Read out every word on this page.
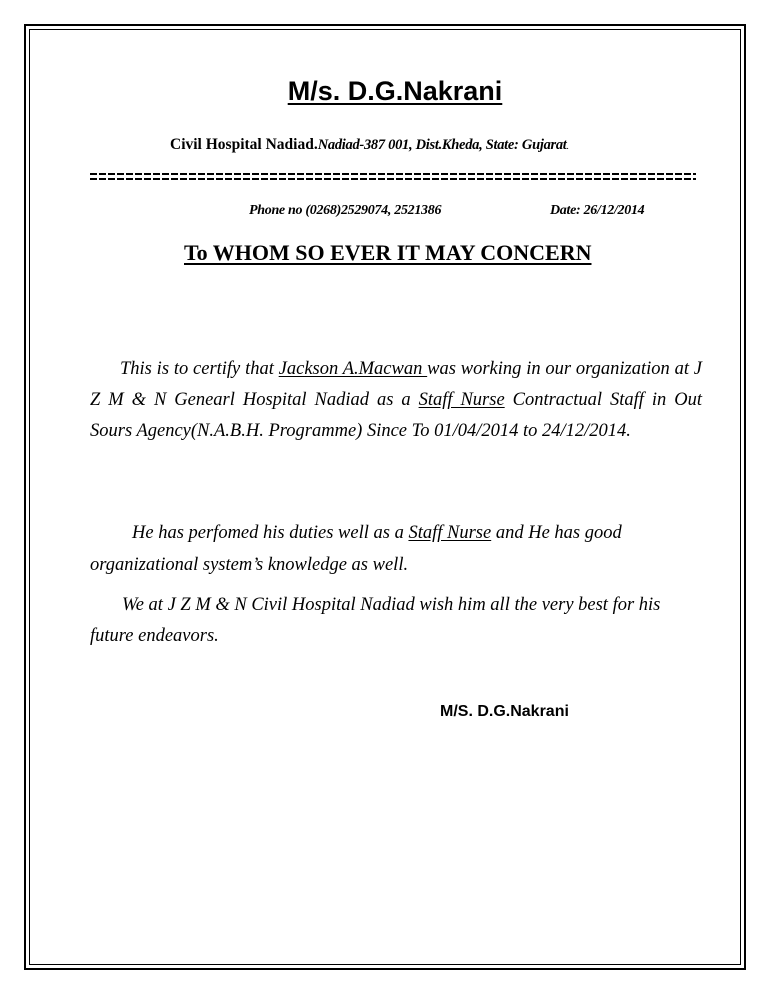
M/s. D.G.Nakrani
Civil Hospital Nadiad.Nadiad-387 001, Dist.Kheda, State: Gujarat.
Phone no (0268)2529074, 2521386	Date: 26/12/2014
To WHOM SO EVER IT MAY CONCERN

This is to certify that Jackson A.Macwan was working in our organization at J Z M & N Genearl Hospital Nadiad as a Staff Nurse Contractual Staff in Out Sours Agency(N.A.B.H. Programme) Since To 01/04/2014 to 24/12/2014.

He has perfomed his duties well as a Staff Nurse and He has good organizational system’s knowledge as well.

We at J Z M & N Civil Hospital Nadiad wish him all the very best for his future endeavors.

M/S. D.G.Nakrani
